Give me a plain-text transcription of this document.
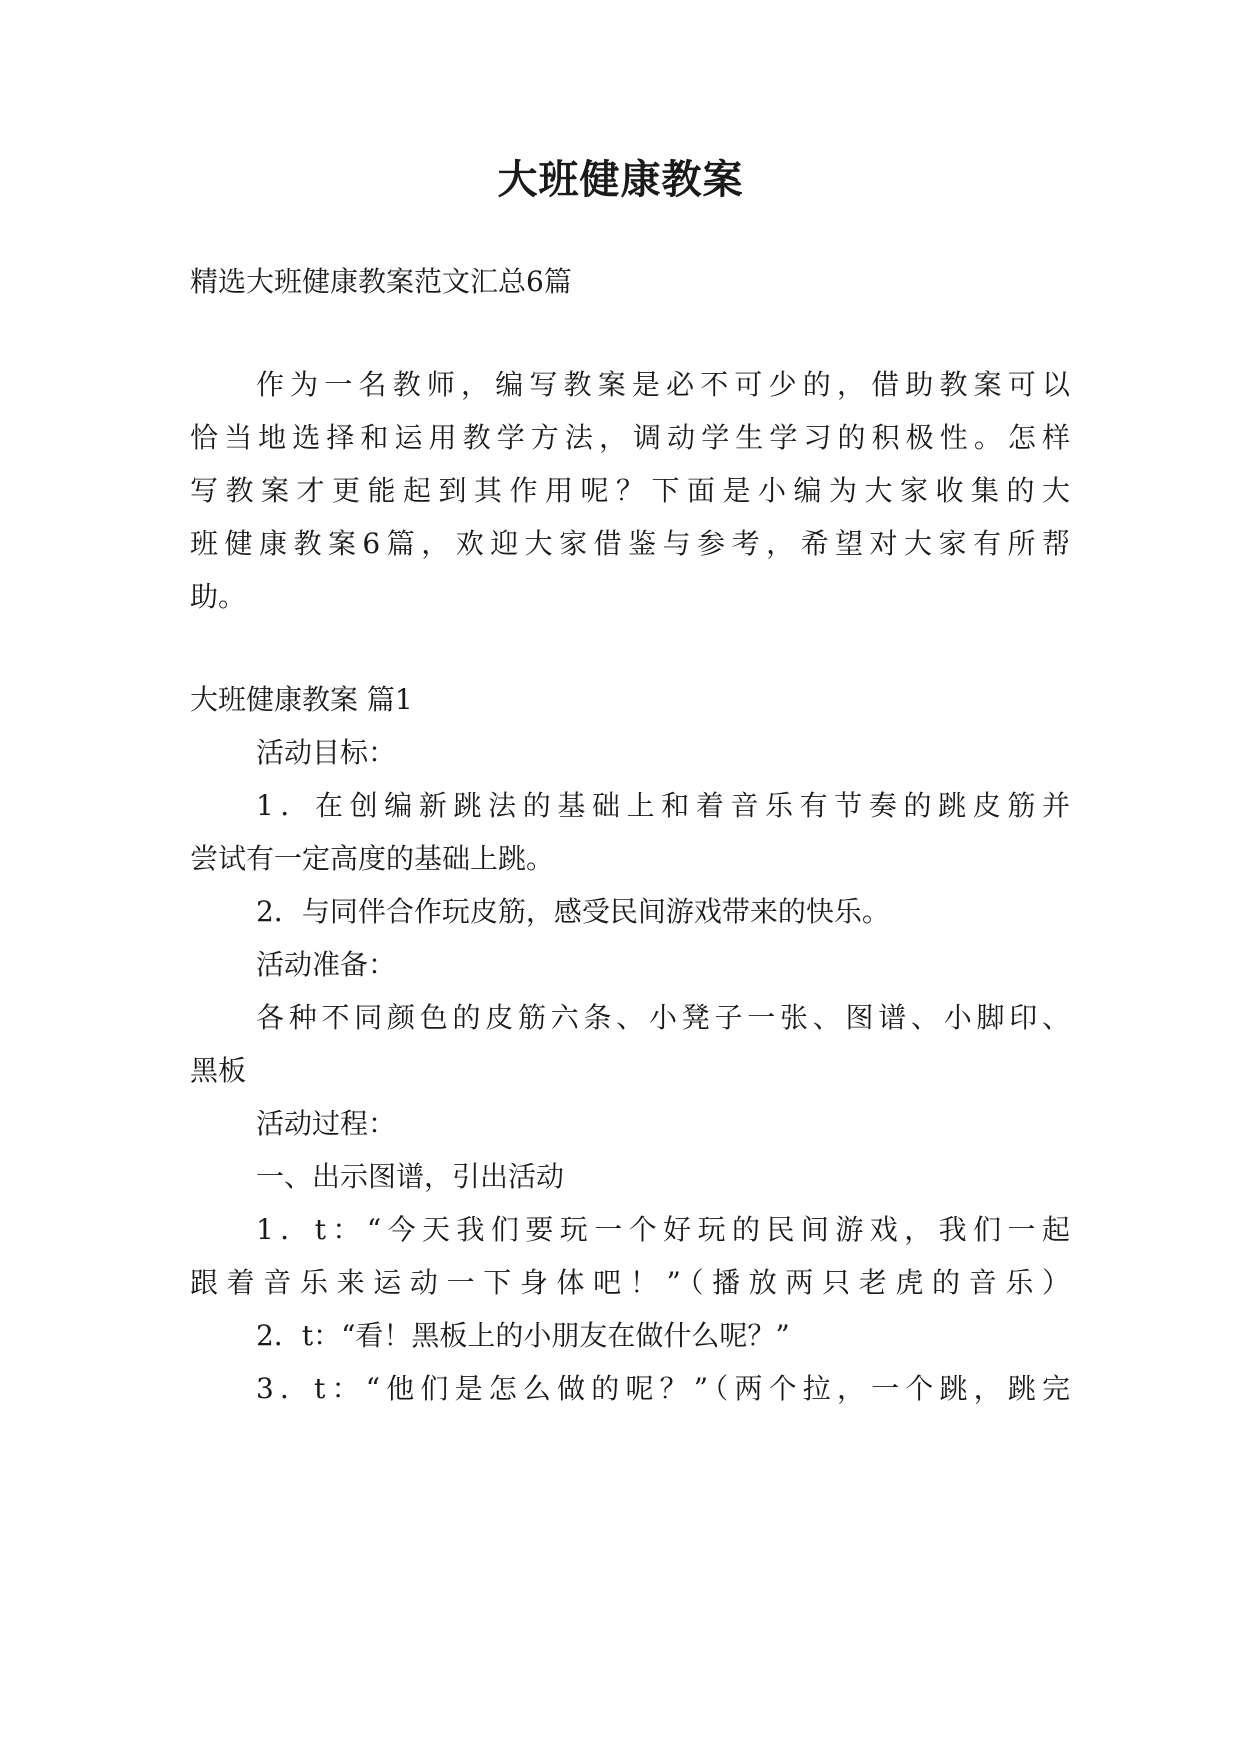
大班健康教案

精选大班健康教案范文汇总6篇

作为一名教师，编写教案是必不可少的，借助教案可以

恰当地选择和运用教学方法，调动学生学习的积极性。怎样

写教案才更能起到其作用呢？下面是小编为大家收集的大

班健康教案6篇，欢迎大家借鉴与参考，希望对大家有所帮

助。

大班健康教案 篇1

活动目标：

1．在创编新跳法的基础上和着音乐有节奏的跳皮筋并

尝试有一定高度的基础上跳。

2．与同伴合作玩皮筋，感受民间游戏带来的快乐。

活动准备：

各种不同颜色的皮筋六条、小凳子一张、图谱、小脚印、

黑板

活动过程：

一、出示图谱，引出活动

1．t：“今天我们要玩一个好玩的民间游戏，我们一起

跟着音乐来运动一下身体吧！”（播放两只老虎的音乐）

2．t：“看！黑板上的小朋友在做什么呢？”

3．t：“他们是怎么做的呢？”（两个拉，一个跳，跳完
